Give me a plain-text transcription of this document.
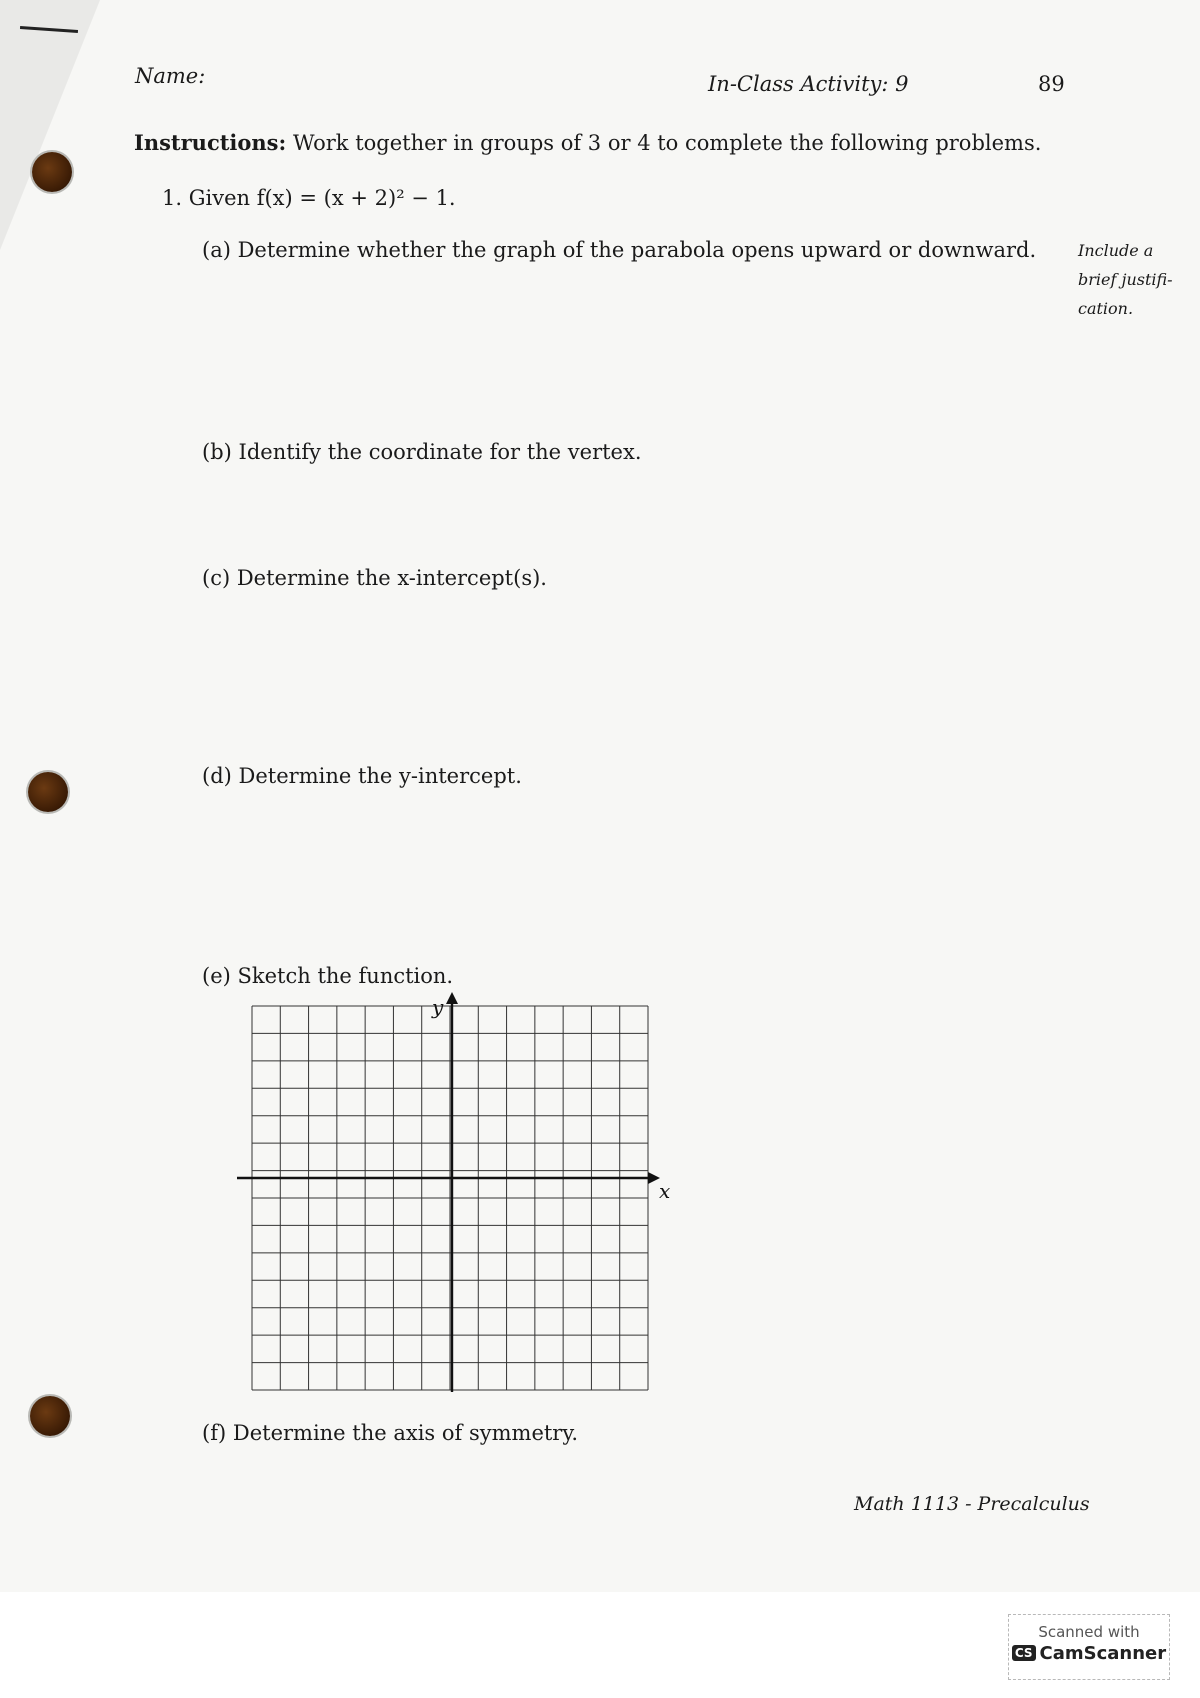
Name:	In-Class Activity: 9	89
Instructions: Work together in groups of 3 or 4 to complete the following problems.
1. Given f(x) = (x + 2)² − 1.
(a) Determine whether the graph of the parabola opens upward or downward.	Include a
brief justifi-
cation.
(b) Identify the coordinate for the vertex.
(c) Determine the x-intercept(s).
(d) Determine the y-intercept.
(e) Sketch the function.
x
y
(f) Determine the axis of symmetry.
Math 1113 - Precalculus
Scanned with
CS CamScanner
